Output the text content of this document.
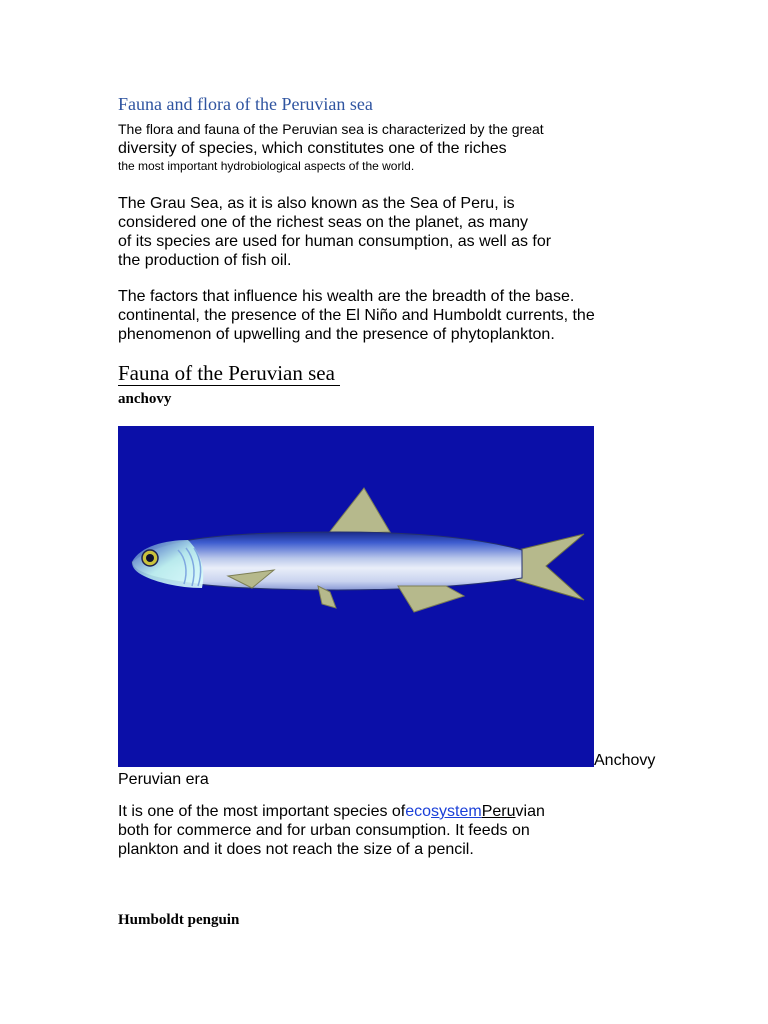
Fauna and flora of the Peruvian sea
The flora and fauna of the Peruvian sea is characterized by the great
diversity of species, which constitutes one of the riches
the most important hydrobiological aspects of the world.
The Grau Sea, as it is also known as the Sea of Peru, is
considered one of the richest seas on the planet, as many
of its species are used for human consumption, as well as for
the production of fish oil.
The factors that influence his wealth are the breadth of the base.
continental, the presence of the El Niño and Humboldt currents, the
phenomenon of upwelling and the presence of phytoplankton.
Fauna of the Peruvian sea
anchovy
Anchovy
Peruvian era
It is one of the most important species ofecosystemPeruvian
both for commerce and for urban consumption. It feeds on
plankton and it does not reach the size of a pencil.
Humboldt penguin
